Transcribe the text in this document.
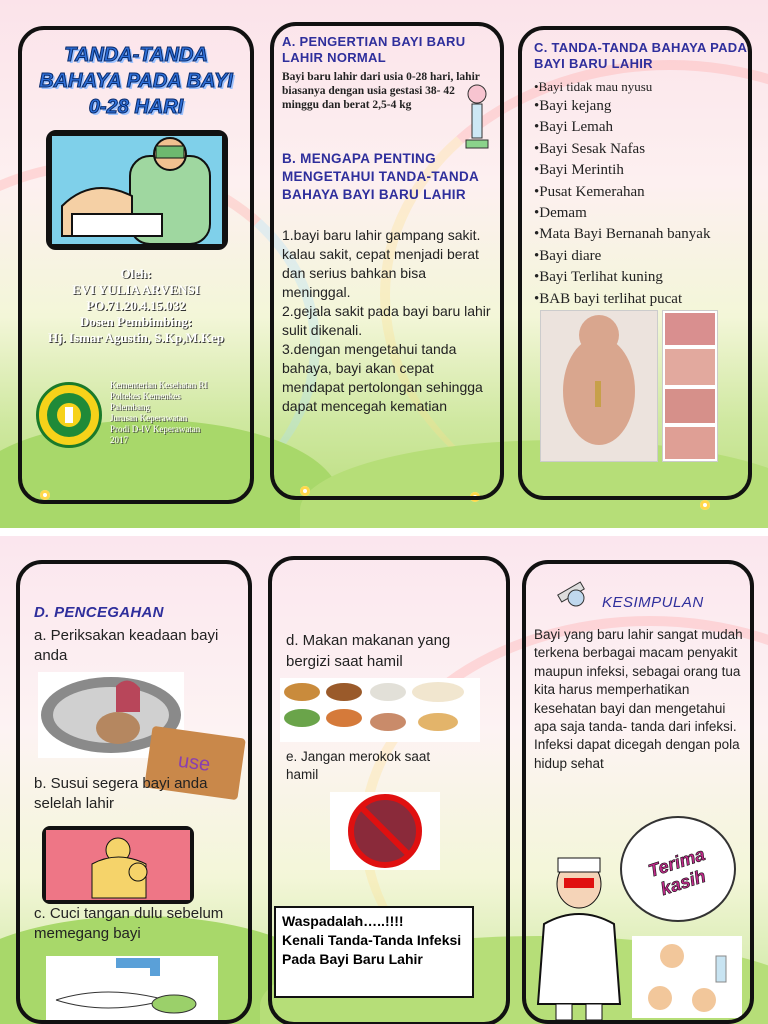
TANDA-TANDA BAHAYA PADA BAYI 0-28 HARI
Oleh:
EVI YULIA ARVENSI
PO.71.20.4.15.032
Dosen Pembimbing:
Hj. Ismar Agustin, S.Kp,M.Kep
Kementerian Kesehatan RI
Poltekes Kemenkes
Palembang
Jurusan Keperawatan
Prodi D-IV Keperawatan
2017
A. PENGERTIAN BAYI BARU LAHIR NORMAL
Bayi baru lahir dari usia 0-28 hari, lahir biasanya dengan usia gestasi 38- 42 minggu dan berat 2,5-4 kg
B. MENGAPA PENTING MENGETAHUI TANDA-TANDA BAHAYA BAYI BARU LAHIR
1.bayi baru lahir gampang sakit.
kalau sakit, cepat menjadi berat dan serius bahkan bisa meninggal.
2.gejala sakit pada bayi baru lahir sulit dikenali.
3.dengan mengetahui tanda bahaya, bayi akan cepat mendapat pertolongan sehingga dapat mencegah kematian
C. TANDA-TANDA BAHAYA PADA BAYI BARU LAHIR
•Bayi tidak mau nyusu
•Bayi kejang
•Bayi Lemah
•Bayi Sesak Nafas
•Bayi Merintih
•Pusat Kemerahan
•Demam
•Mata Bayi Bernanah banyak
•Bayi diare
•Bayi Terlihat kuning
•BAB bayi terlihat pucat
D. PENCEGAHAN
a. Periksakan keadaan bayi anda
use
b. Susui segera bayi anda selelah lahir
c. Cuci tangan dulu sebelum memegang bayi
d. Makan makanan yang bergizi saat hamil
e. Jangan merokok saat hamil
Waspadalah…..!!!!
Kenali Tanda-Tanda Infeksi Pada Bayi Baru Lahir
KESIMPULAN
Bayi yang baru lahir sangat mudah terkena berbagai macam penyakit maupun infeksi, sebagai orang tua kita harus memperhatikan kesehatan bayi dan mengetahui apa saja tanda- tanda dari infeksi. Infeksi dapat dicegah dengan pola hidup sehat
Terima kasih
